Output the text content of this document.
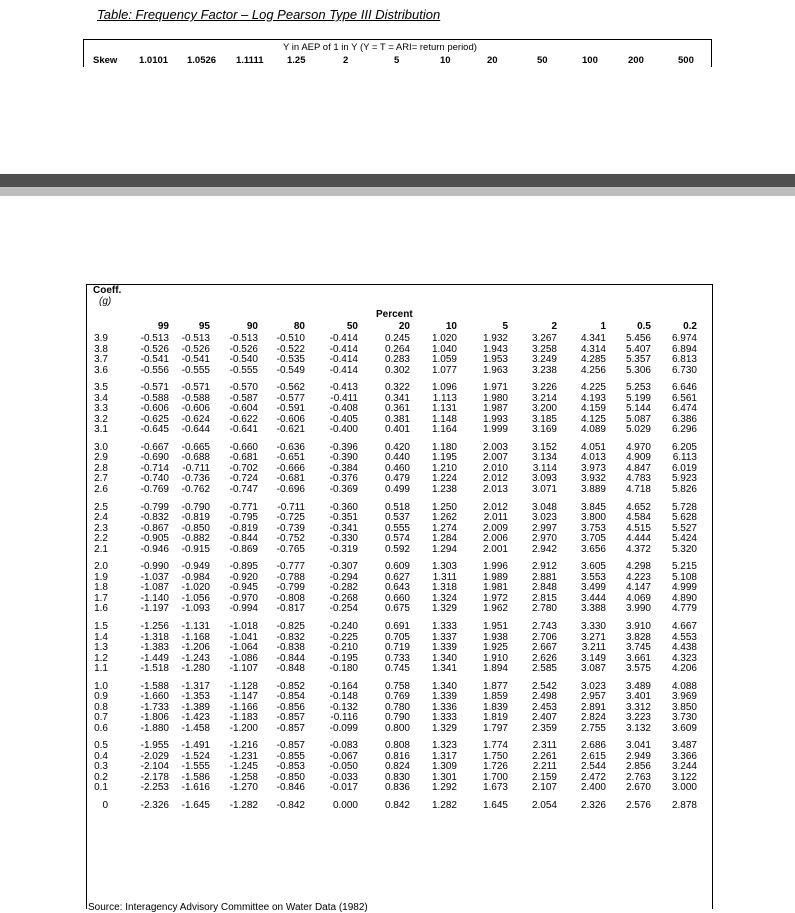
Table: Frequency Factor – Log Pearson Type III Distribution
Y in AEP of 1 in Y (Y = T = ARI= return period)
Skew 1.0101 1.0526 1.1111 1.25	2	5	10	20	50	100	200	500
Coeff.
(g)
Percent
99	95	90	80	50	20	10	5	2	1	0.5	0.2
3.9	-0.513	-0.513	-0.513	-0.510	-0.414	0.245	1.020	1.932	3.267	4.341	5.456	6.974
3.8	-0.526	-0.526	-0.526	-0.522	-0.414	0.264	1.040	1.943	3.258	4.314	5.407	6.894
3.7	-0.541	-0.541	-0.540	-0.535	-0.414	0.283	1.059	1.953	3.249	4.285	5.357	6.813
3.6	-0.556	-0.555	-0.555	-0.549	-0.414	0.302	1.077	1.963	3.238	4.256	5.306	6.730
3.5	-0.571	-0.571	-0.570	-0.562	-0.413	0.322	1.096	1.971	3.226	4.225	5.253	6.646
3.4	-0.588	-0.588	-0.587	-0.577	-0.411	0.341	1.113	1.980	3.214	4.193	5.199	6.561
3.3	-0.606	-0.606	-0.604	-0.591	-0.408	0.361	1.131	1.987	3.200	4.159	5.144	6.474
3.2	-0.625	-0.624	-0.622	-0.606	-0.405	0.381	1.148	1.993	3.185	4.125	5.087	6.386
3.1	-0.645	-0.644	-0.641	-0.621	-0.400	0.401	1.164	1.999	3.169	4.089	5.029	6.296
3.0	-0.667	-0.665	-0.660	-0.636	-0.396	0.420	1.180	2.003	3.152	4.051	4.970	6.205
2.9	-0.690	-0.688	-0.681	-0.651	-0.390	0.440	1.195	2.007	3.134	4.013	4.909	6.113
2.8	-0.714	-0.711	-0.702	-0.666	-0.384	0.460	1.210	2.010	3.114	3.973	4.847	6.019
2.7	-0.740	-0.736	-0.724	-0.681	-0.376	0.479	1.224	2.012	3.093	3.932	4.783	5.923
2.6	-0.769	-0.762	-0.747	-0.696	-0.369	0.499	1.238	2.013	3.071	3.889	4.718	5.826
2.5	-0.799	-0.790	-0.771	-0.711	-0.360	0.518	1.250	2.012	3.048	3.845	4.652	5.728
2.4	-0.832	-0.819	-0.795	-0.725	-0.351	0.537	1.262	2.011	3.023	3.800	4.584	5.628
2.3	-0.867	-0.850	-0.819	-0.739	-0.341	0.555	1.274	2.009	2.997	3.753	4.515	5.527
2.2	-0.905	-0.882	-0.844	-0.752	-0.330	0.574	1.284	2.006	2.970	3.705	4.444	5.424
2.1	-0.946	-0.915	-0.869	-0.765	-0.319	0.592	1.294	2.001	2.942	3.656	4.372	5.320
2.0	-0.990	-0.949	-0.895	-0.777	-0.307	0.609	1.303	1.996	2.912	3.605	4.298	5.215
1.9	-1.037	-0.984	-0.920	-0.788	-0.294	0.627	1.311	1.989	2.881	3.553	4.223	5.108
1.8	-1.087	-1.020	-0.945	-0.799	-0.282	0.643	1.318	1.981	2.848	3.499	4.147	4.999
1.7	-1.140	-1.056	-0.970	-0.808	-0.268	0.660	1.324	1.972	2.815	3.444	4.069	4.890
1.6	-1.197	-1.093	-0.994	-0.817	-0.254	0.675	1.329	1.962	2.780	3.388	3.990	4.779
1.5	-1.256	-1.131	-1.018	-0.825	-0.240	0.691	1.333	1.951	2.743	3.330	3.910	4.667
1.4	-1.318	-1.168	-1.041	-0.832	-0.225	0.705	1.337	1.938	2.706	3.271	3.828	4.553
1.3	-1.383	-1.206	-1.064	-0.838	-0.210	0.719	1.339	1.925	2.667	3.211	3.745	4.438
1.2	-1.449	-1.243	-1.086	-0.844	-0.195	0.733	1.340	1.910	2.626	3.149	3.661	4.323
1.1	-1.518	-1.280	-1.107	-0.848	-0.180	0.745	1.341	1.894	2.585	3.087	3.575	4.206
1.0	-1.588	-1.317	-1.128	-0.852	-0.164	0.758	1.340	1.877	2.542	3.023	3.489	4.088
0.9	-1.660	-1.353	-1.147	-0.854	-0.148	0.769	1.339	1.859	2.498	2.957	3.401	3.969
0.8	-1.733	-1.389	-1.166	-0.856	-0.132	0.780	1.336	1.839	2.453	2.891	3.312	3.850
0.7	-1.806	-1.423	-1.183	-0.857	-0.116	0.790	1.333	1.819	2.407	2.824	3.223	3.730
0.6	-1.880	-1.458	-1.200	-0.857	-0.099	0.800	1.329	1.797	2.359	2.755	3.132	3.609
0.5	-1.955	-1.491	-1.216	-0.857	-0.083	0.808	1.323	1.774	2.311	2.686	3.041	3.487
0.4	-2.029	-1.524	-1.231	-0.855	-0.067	0.816	1.317	1.750	2.261	2.615	2.949	3.366
0.3	-2.104	-1.555	-1.245	-0.853	-0.050	0.824	1.309	1.726	2.211	2.544	2.856	3.244
0.2	-2.178	-1.586	-1.258	-0.850	-0.033	0.830	1.301	1.700	2.159	2.472	2.763	3.122
0.1	-2.253	-1.616	-1.270	-0.846	-0.017	0.836	1.292	1.673	2.107	2.400	2.670	3.000
0	-2.326	-1.645	-1.282	-0.842	0.000	0.842	1.282	1.645	2.054	2.326	2.576	2.878
Source: Interagency Advisory Committee on Water Data (1982)
